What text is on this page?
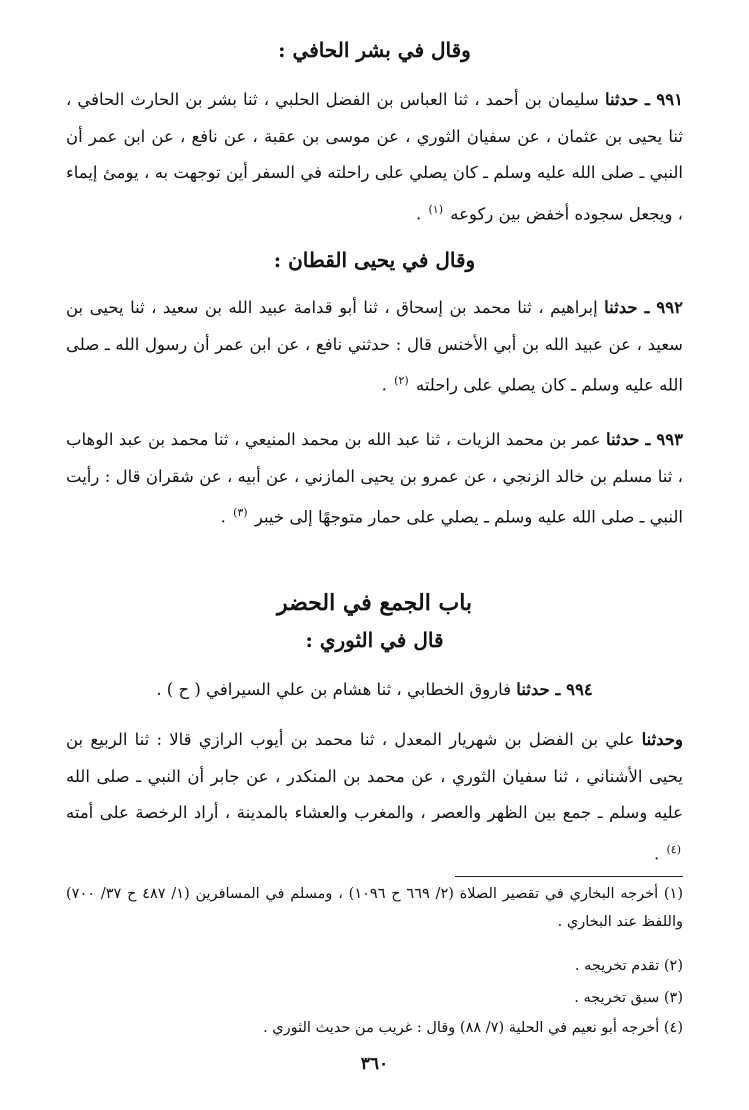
وقال في بشر الحافي :
٩٩١ ـ حدثنا سليمان بن أحمد ، ثنا العباس بن الفضل الحلبي ، ثنا بشر بن الحارث الحافي ، ثنا يحيى بن عثمان ، عن سفيان الثوري ، عن موسى بن عقبة ، عن نافع ، عن ابن عمر أن النبي ـ صلى الله عليه وسلم ـ كان يصلي على راحلته في السفر أين توجهت به ، يومئ إيماء ، ويجعل سجوده أخفض بين ركوعه $^{(١)}$ .
وقال في يحيى القطان :
٩٩٢ ـ حدثنا إبراهيم ، ثنا محمد بن إسحاق ، ثنا أبو قدامة عبيد الله بن سعيد ، ثنا يحيى بن سعيد ، عن عبيد الله بن أبي الأخنس قال : حدثني نافع ، عن ابن عمر أن رسول الله ـ صلى الله عليه وسلم ـ كان يصلي على راحلته $^{(٢)}$ .
٩٩٣ ـ حدثنا عمر بن محمد الزيات ، ثنا عبد الله بن محمد المنيعي ، ثنا محمد بن عبد الوهاب ، ثنا مسلم بن خالد الزنجي ، عن عمرو بن يحيى المازني ، عن أبيه ، عن شقران قال : رأيت النبي ـ صلى الله عليه وسلم ـ يصلي على حمار متوجهًا إلى خيبر $^{(٣)}$ .
باب الجمع في الحضر
قال في الثوري :
٩٩٤ ـ حدثنا فاروق الخطابي ، ثنا هشام بن علي السيرافي ( ح ) .
وحدثنا علي بن الفضل بن شهريار المعدل ، ثنا محمد بن أيوب الرازي قالا : ثنا الربيع بن يحيى الأشناني ، ثنا سفيان الثوري ، عن محمد بن المنكدر ، عن جابر أن النبي ـ صلى الله عليه وسلم ـ جمع بين الظهر والعصر ، والمغرب والعشاء بالمدينة ، أراد الرخصة على أمته $^{(٤)}$ .
(١) أخرجه البخاري في تقصير الصلاة (٢/ ٦٦٩ ح ١٠٩٦) ، ومسلم في المسافرين (١/ ٤٨٧ ح ٣٧/ ٧٠٠) واللفظ عند البخاري .
(٢) تقدم تخريجه .
(٣) سبق تخريجه .
(٤) أخرجه أبو نعيم في الحلية (٧/ ٨٨) وقال : غريب من حديث الثوري .
٣٦٠
